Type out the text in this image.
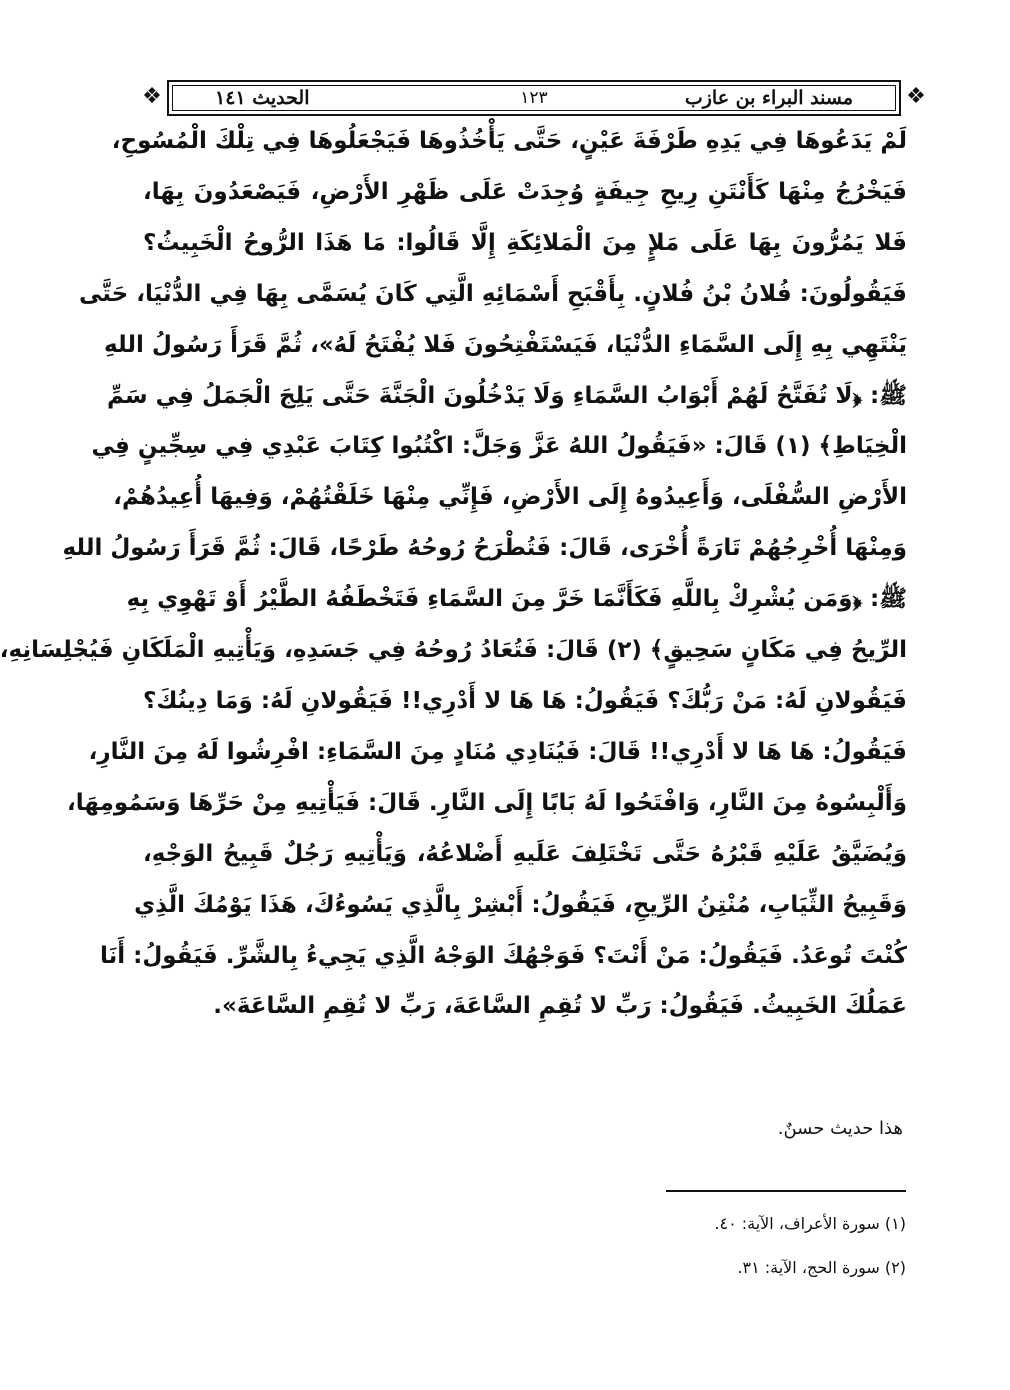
❖	مسند البراء بن عازب
١٢٣
الحديث ١٤١	❖
لَمْ يَدَعُوهَا فِي يَدِهِ طَرْفَةَ عَيْنٍ، حَتَّى يَأْخُذُوهَا فَيَجْعَلُوهَا فِي تِلْكَ الْمُسُوحِ،
فَيَخْرُجُ مِنْهَا كَأَنْتَنِ رِيحِ جِيفَةٍ وُجِدَتْ عَلَى ظَهْرِ الأَرْضِ، فَيَصْعَدُونَ بِهَا،
فَلا يَمُرُّونَ بِهَا عَلَى مَلإٍ مِنَ الْمَلائِكَةِ إِلَّا قَالُوا: مَا هَذَا الرُّوحُ الْخَبِيثُ؟
فَيَقُولُونَ: فُلانُ بْنُ فُلانٍ. بِأَقْبَحِ أَسْمَائِهِ الَّتِي كَانَ يُسَمَّى بِهَا فِي الدُّنْيَا، حَتَّى
يَنْتَهِي بِهِ إِلَى السَّمَاءِ الدُّنْيَا، فَيَسْتَفْتِحُونَ فَلا يُفْتَحُ لَهُ»، ثُمَّ قَرَأَ رَسُولُ اللهِ
ﷺ: ﴿لَا تُفَتَّحُ لَهُمْ أَبْوَابُ السَّمَاءِ وَلَا يَدْخُلُونَ الْجَنَّةَ حَتَّى يَلِجَ الْجَمَلُ فِي سَمِّ
الْخِيَاطِ﴾ (١) قَالَ: «فَيَقُولُ اللهُ عَزَّ وَجَلَّ: اكْتُبُوا كِتَابَ عَبْدِي فِي سِجِّينٍ فِي
الأَرْضِ السُّفْلَى، وَأَعِيدُوهُ إِلَى الأَرْضِ، فَإِنِّي مِنْهَا خَلَقْتُهُمْ، وَفِيهَا أُعِيدُهُمْ،
وَمِنْهَا أُخْرِجُهُمْ تَارَةً أُخْرَى، قَالَ: فَتُطْرَحُ رُوحُهُ طَرْحًا، قَالَ: ثُمَّ قَرَأَ رَسُولُ اللهِ
ﷺ: ﴿وَمَن يُشْرِكْ بِاللَّهِ فَكَأَنَّمَا خَرَّ مِنَ السَّمَاءِ فَتَخْطَفُهُ الطَّيْرُ أَوْ تَهْوِي بِهِ
الرِّيحُ فِي مَكَانٍ سَحِيقٍ﴾ (٢) قَالَ: فَتُعَادُ رُوحُهُ فِي جَسَدِهِ، وَيَأْتِيهِ الْمَلَكَانِ فَيُجْلِسَانِهِ،
فَيَقُولانِ لَهُ: مَنْ رَبُّكَ؟ فَيَقُولُ: هَا هَا لا أَدْرِي!! فَيَقُولانِ لَهُ: وَمَا دِينُكَ؟
فَيَقُولُ: هَا هَا لا أَدْرِي!! قَالَ: فَيُنَادِي مُنَادٍ مِنَ السَّمَاءِ: افْرِشُوا لَهُ مِنَ النَّارِ،
وَأَلْبِسُوهُ مِنَ النَّارِ، وَافْتَحُوا لَهُ بَابًا إِلَى النَّارِ. قَالَ: فَيَأْتِيهِ مِنْ حَرِّهَا وَسَمُومِهَا،
وَيُضَيَّقُ عَلَيْهِ قَبْرُهُ حَتَّى تَخْتَلِفَ عَلَيهِ أَضْلاعُهُ، وَيَأْتِيهِ رَجُلٌ قَبِيحُ الوَجْهِ،
وَقَبِيحُ الثِّيَابِ، مُنْتِنُ الرِّيحِ، فَيَقُولُ: أَبْشِرْ بِالَّذِي يَسُوءُكَ، هَذَا يَوْمُكَ الَّذِي
كُنْتَ تُوعَدُ. فَيَقُولُ: مَنْ أَنْتَ؟ فَوَجْهُكَ الوَجْهُ الَّذِي يَجِيءُ بِالشَّرِّ. فَيَقُولُ: أَنَا
عَمَلُكَ الخَبِيثُ. فَيَقُولُ: رَبِّ لا تُقِمِ السَّاعَةَ، رَبِّ لا تُقِمِ السَّاعَةَ».
هذا حديث حسنٌ.
(١) سورة الأعراف، الآية: ٤٠.
(٢) سورة الحج، الآية: ٣١.
